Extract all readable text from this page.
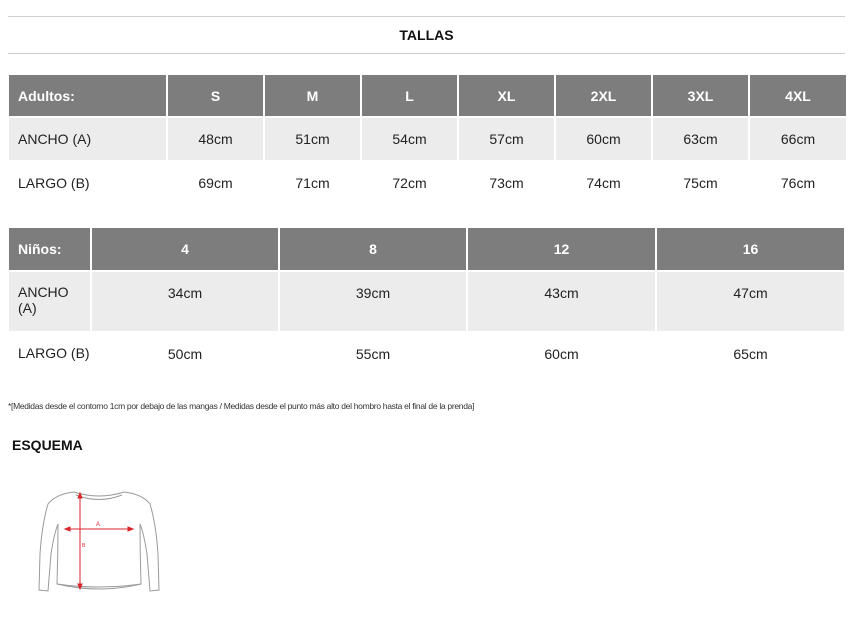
TALLAS
Adultos:	S	M	L	XL	2XL	3XL	4XL
ANCHO (A)	48cm	51cm	54cm	57cm	60cm	63cm	66cm
LARGO (B)	69cm	71cm	72cm	73cm	74cm	75cm	76cm
Niños:	4	8	12	16
ANCHO (A)	34cm	39cm	43cm	47cm
LARGO (B)	50cm	55cm	60cm	65cm
*[Medidas desde el contorno 1cm por debajo de las mangas / Medidas desde el punto más alto del hombro hasta el final de la prenda]
ESQUEMA
A
B
